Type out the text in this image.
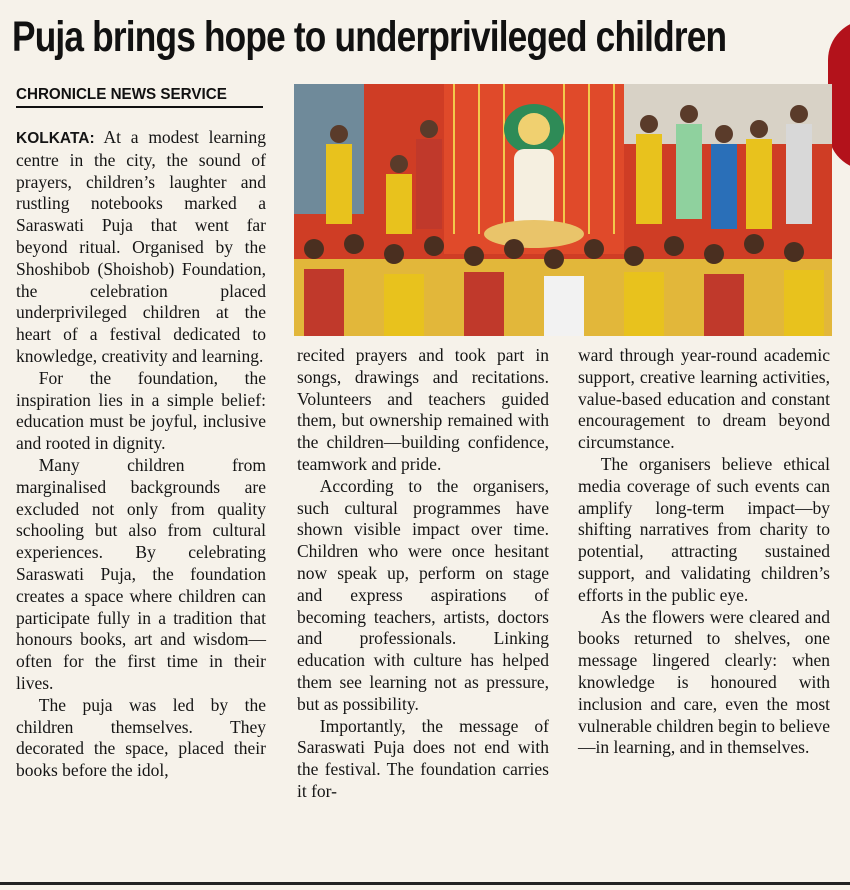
Puja brings hope to underprivileged children
CHRONICLE NEWS SERVICE

KOLKATA: At a modest learning centre in the city, the sound of prayers, children’s laughter and rustling notebooks marked a Saraswati Puja that went far beyond ritual. Organised by the Shoshibob (Shoishob) Foundation, the celebration placed underprivileged children at the heart of a festival dedicated to knowledge, creativity and learning.

For the foundation, the inspiration lies in a simple belief: education must be joyful, inclusive and rooted in dignity.

Many children from marginalised backgrounds are excluded not only from quality schooling but also from cultural experiences. By celebrating Saraswati Puja, the foundation creates a space where children can participate fully in a tradition that honours books, art and wisdom—often for the first time in their lives.

The puja was led by the children themselves. They decorated the space, placed their books before the idol,

recited prayers and took part in songs, drawings and recitations. Volunteers and teachers guided them, but ownership remained with the children—building confidence, teamwork and pride.

According to the organisers, such cultural programmes have shown visible impact over time. Children who were once hesitant now speak up, perform on stage and express aspirations of becoming teachers, artists, doctors and professionals. Linking education with culture has helped them see learning not as pressure, but as possibility.

Importantly, the message of Saraswati Puja does not end with the festival. The foundation carries it for-

ward through year-round academic support, creative learning activities, value-based education and constant encouragement to dream beyond circumstance.

The organisers believe ethical media coverage of such events can amplify long-term impact—by shifting narratives from charity to potential, attracting sustained support, and validating children’s efforts in the public eye.

As the flowers were cleared and books returned to shelves, one message lingered clearly: when knowledge is honoured with inclusion and care, even the most vulnerable children begin to believe—in learning, and in themselves.
